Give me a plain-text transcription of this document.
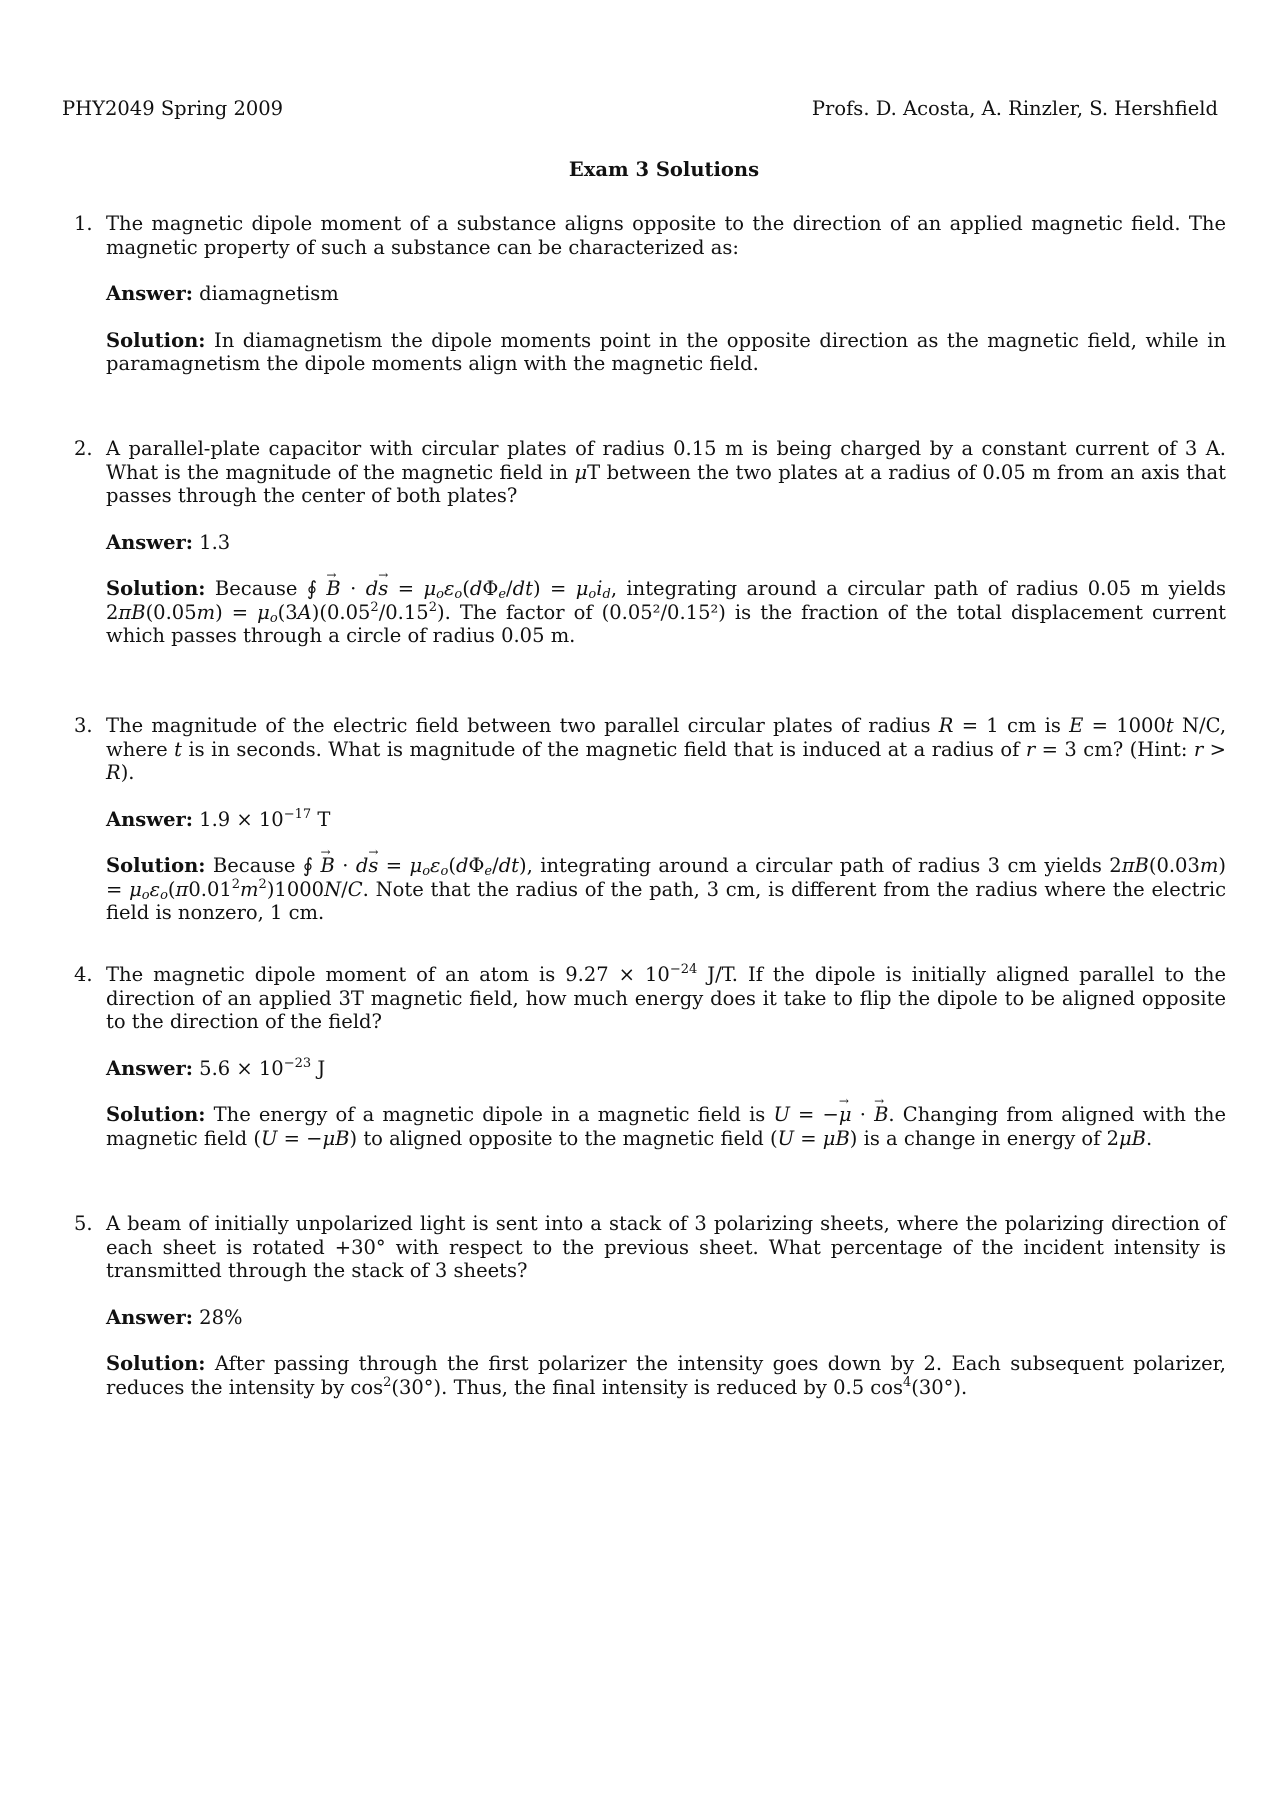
PHY2049 Spring 2009	Profs. D. Acosta, A. Rinzler, S. Hershfield
Exam 3 Solutions
1. The magnetic dipole moment of a substance aligns opposite to the direction of an applied magnetic field. The magnetic property of such a substance can be characterized as:
Answer: diamagnetism
Solution: In diamagnetism the dipole moments point in the opposite direction as the magnetic field, while in paramagnetism the dipole moments align with the magnetic field.
2. A parallel-plate capacitor with circular plates of radius 0.15 m is being charged by a constant current of 3 A. What is the magnitude of the magnetic field in μT between the two plates at a radius of 0.05 m from an axis that passes through the center of both plates?
Answer: 1.3
Solution: Because ∮ B → · ds → = $\mu_o\varepsilon_o(d\Phi_e/dt) = \mu_oi_d$, integrating around a circular path of radius 0.05 m yields $2\pi B(0.05m) = \mu_o(3A)(0.05^2/0.15^2)$. The factor of (0.05²/0.15²) is the fraction of the total displacement current which passes through a circle of radius 0.05 m.
3. The magnitude of the electric field between two parallel circular plates of radius R = 1 cm is E = 1000t N/C, where t is in seconds. What is magnitude of the magnetic field that is induced at a radius of r = 3 cm? (Hint: r > R).
Answer: $1.9 \times 10^{-17}$ T
Solution: Because ∮ B → · ds → = $\mu_o\varepsilon_o(d\Phi_e/dt)$, integrating around a circular path of radius 3 cm yields $2\pi B(0.03m) = \mu_o\varepsilon_o(\pi 0.01^2m^2)1000N/C$. Note that the radius of the path, 3 cm, is different from the radius where the electric field is nonzero, 1 cm.
4. The magnetic dipole moment of an atom is $9.27 \times 10^{-24}$ J/T. If the dipole is initially aligned parallel to the direction of an applied 3T magnetic field, how much energy does it take to flip the dipole to be aligned opposite to the direction of the field?
Answer: $5.6 \times 10^{-23}$ J
Solution: The energy of a magnetic dipole in a magnetic field is U = −μ → · B →. Changing from aligned with the magnetic field (U = −μB) to aligned opposite to the magnetic field (U = μB) is a change in energy of 2μB.
5. A beam of initially unpolarized light is sent into a stack of 3 polarizing sheets, where the polarizing direction of each sheet is rotated +30° with respect to the previous sheet. What percentage of the incident intensity is transmitted through the stack of 3 sheets?
Answer: 28%
Solution: After passing through the first polarizer the intensity goes down by 2. Each subsequent polarizer, reduces the intensity by $\cos^2(30^\circ)$. Thus, the final intensity is reduced by 0.5 $\cos^4(30^\circ)$.
